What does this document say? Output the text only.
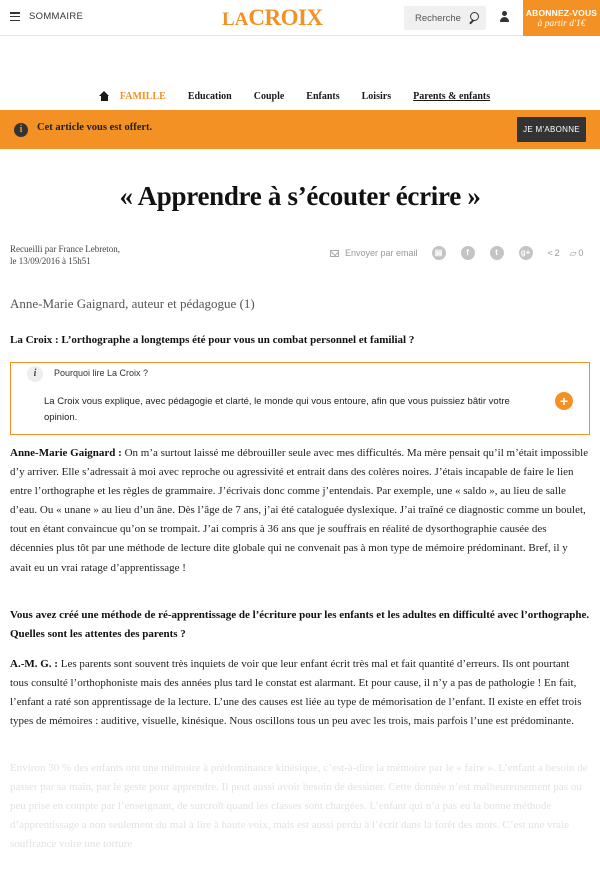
SOMMAIRE	LACROIX
Recherche	ABONNEZ-VOUS
à partir d'1€
FAMILLE Education Couple Enfants Loisirs Parents & enfants
i	Cet article vous est offert.	JE M'ABONNE
« Apprendre à s’écouter écrire »
Recueilli par France Lebreton,
le 13/09/2016 à 15h51
Envoyer par email	▤	f	t	g+ < 2 ▱ 0
Anne-Marie Gaignard, auteur et pédagogue (1)
La Croix : L’orthographe a longtemps été pour vous un combat personnel et familial ?
i	Pourquoi lire La Croix ?
La Croix vous explique, avec pédagogie et clarté, le monde qui vous entoure, afin que vous puissiez bâtir votre opinion.
+
Anne-Marie Gaignard : On m’a surtout laissé me débrouiller seule avec mes difficultés. Ma mère pensait qu’il m’était impossible d’y arriver. Elle s’adressait à moi avec reproche ou agressivité et entrait dans des colères noires. J’étais incapable de faire le lien entre l’orthographe et les règles de grammaire. J’écrivais donc comme j’entendais. Par exemple, une « saldo », au lieu de salle d’eau. Ou « unane » au lieu d’un âne. Dès l’âge de 7 ans, j’ai été cataloguée dyslexique. J’ai traîné ce diagnostic comme un boulet, tout en étant convaincue qu’on se trompait. J’ai compris à 36 ans que je souffrais en réalité de dysorthographie causée des décennies plus tôt par une méthode de lecture dite globale qui ne convenait pas à mon type de mémoire prédominant. Bref, il y avait eu un vrai ratage d’apprentissage !
Vous avez créé une méthode de ré-apprentissage de l’écriture pour les enfants et les adultes en difficulté avec l’orthographe. Quelles sont les attentes des parents ?
A.-M. G. : Les parents sont souvent très inquiets de voir que leur enfant écrit très mal et fait quantité d’erreurs. Ils ont pourtant tous consulté l’orthophoniste mais des années plus tard le constat est alarmant. Et pour cause, il n’y a pas de pathologie ! En fait, l’enfant a raté son apprentissage de la lecture. L’une des causes est liée au type de mémorisation de l’enfant. Il existe en effet trois types de mémoires : auditive, visuelle, kinésique. Nous oscillons tous un peu avec les trois, mais parfois l’une est prédominante.
Environ 30 % des enfants ont une mémoire à prédominance kinésique, c’est-à-dire la mémoire par le « faire ». L’enfant a besoin de passer par sa main, par le geste pour apprendre. Il peut aussi avoir besoin de dessiner. Cette donnée n’est malheureusement pas ou peu prise en compte par l’enseignant, de surcroît quand les classes sont chargées. L’enfant qui n’a pas eu la bonne méthode d’apprentissage a non seulement du mal à lire à haute voix, mais est aussi perdu à l’écrit dans la forêt des mots. C’est une vraie souffrance voire une torture
